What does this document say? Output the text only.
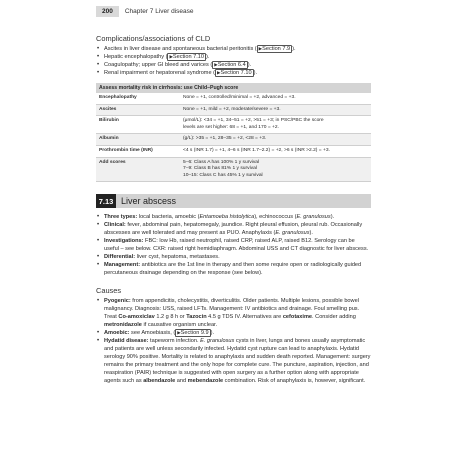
200	Chapter 7 Liver disease
Complications/associations of CLD
• Ascites in liver disease and spontaneous bacterial peritonitis ( ▶Section 7.9 ).
• Hepatic encephalopathy ( ▶Section 7.10 ).
• Coagulopathy; upper GI bleed and varices ( ▶Section 6.4 ).
• Renal impairment or hepatorenal syndrome ( ▶Section 7.10 ).
Assess mortality risk in cirrhosis: use Child–Pugh score
Encephalopathy	None = +1, controlled/minimal = +2, advanced = +3.
Ascites	None = +1, mild = +2, moderate/severe = +3.
Bilirubin	(μmol/L): <34 = +1, 34–51 = +2, >51 = +3; in PSC/PBC the score
levels are set higher: 68 = +1, and 170 = +2.

Albumin	(g/L): >35 = +1, 28–35 = +2, <28 = +3.
Prothrombin time (INR)	<4 s (INR 1.7) = +1, 4–6 s (INR 1.7–2.2) = +2, >6 s (INR >2.2) = +3.
Add scores	5–6: Class A has 100% 1 y survival
7–9: Class B has 81% 1 y survival
10–15: Class C has 45% 1 y survival
7.13 Liver abscess
• Three types: local bacteria, amoebic (Entamoeba histolytica), echinococcus (E. granulosus).
• Clinical: fever, abdominal pain, hepatomegaly, jaundice. Right pleural effusion, pleural rub. Occasionally abscesses are well tolerated and may present as PUO. Anaphylaxis (E. granulosus).
• Investigations: FBC: low Hb, raised neutrophil, raised CRP, raised ALP, raised B12. Serology can be useful – see below. CXR: raised right hemidiaphragm. Abdominal USS and CT diagnostic for liver abscess.
• Differential: liver cyst, hepatoma, metastases.
• Management: antibiotics are the 1st line in therapy and then some require open or radiologically guided percutaneous drainage depending on the response (see below).
Causes
• Pyogenic: from appendicitis, cholecystitis, diverticulitis. Older patients. Multiple lesions, possible bowel malignancy. Diagnosis: USS, raised LFTs. Management: IV antibiotics and drainage. Foul smelling pus. Treat Co-amoxiclav 1.2 g 8 h or Tazocin 4.5 g TDS IV. Alternatives are cefotaxime. Consider adding metronidazole if causative organism unclear.
• Amoebic: see Amoebiasis, ( ▶Section 9.9 ).
• Hydatid disease: tapeworm infection. E. granulosus cysts in liver, lungs and bones usually asymptomatic and patients are well unless secondarily infected. Hydatid cyst rupture can lead to anaphylaxis. Hydatid serology 90% positive. Mortality is related to anaphylaxis and sudden death reported. Management: surgery remains the primary treatment and the only hope for complete cure. The puncture, aspiration, injection, and reaspiration (PAIR) technique is suggested with open surgery as a further option along with appropriate agents such as albendazole and mebendazole combination. Risk of anaphylaxis is, however, significant.
